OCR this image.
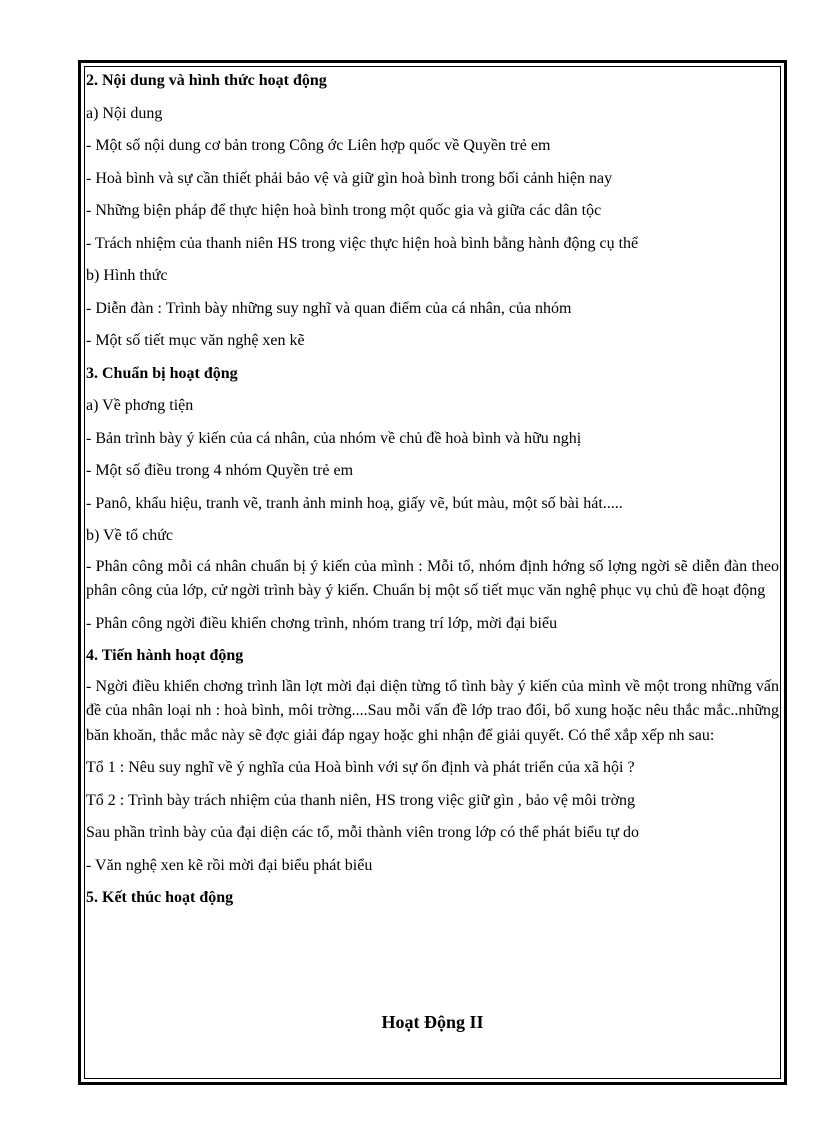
2. Nội dung và hình thức hoạt động

a) Nội dung

- Một số nội dung cơ bản trong Công ớc Liên hợp quốc về Quyền trẻ em

- Hoà bình và sự cần thiết phải bảo vệ và giữ gìn hoà bình trong bối cảnh hiện nay

- Những biện pháp để thực hiện hoà bình trong một quốc gia và giữa các dân tộc

- Trách nhiệm của thanh niên HS trong việc thực hiện hoà bình bằng hành động cụ thể

b) Hình thức

- Diễn đàn : Trình bày những suy nghĩ và quan điểm của cá nhân, của nhóm

- Một số tiết mục văn nghệ xen kẽ

3. Chuẩn bị hoạt động

a) Về phơng tiện

- Bản trình bày ý kiến của cá nhân, của nhóm về chủ đề hoà bình và hữu nghị

- Một số điều trong 4 nhóm Quyền trẻ em

- Panô, khẩu hiệu, tranh vẽ, tranh ảnh minh hoạ, giấy vẽ, bút màu, một số bài hát.....

b) Về tổ chức

- Phân công mỗi cá nhân chuẩn bị ý kiến của mình : Mỗi tổ, nhóm định hớng số lợng ngời sẽ diễn đàn theo phân công của lớp, cử ngời trình bày ý kiến. Chuẩn bị một số tiết mục văn nghệ phục vụ chủ đề hoạt động

- Phân công ngời điều khiển chơng trình, nhóm trang trí lớp, mời đại biểu

4. Tiến hành hoạt động

- Ngời điều khiển chơng trình lần lợt mời đại diện từng tổ tình bày ý kiến của mình về một trong những vấn đề của nhân loại nh : hoà bình, môi trờng....Sau mỗi vấn đề lớp trao đổi, bổ xung hoặc nêu thắc mắc..những băn khoăn, thắc mắc này sẽ đợc giải đáp ngay hoặc ghi nhận để giải quyết. Có thể xắp xếp nh sau:

Tổ 1 : Nêu suy nghĩ về ý nghĩa của Hoà bình với sự ổn định và phát triển của xã hội ?

Tổ 2 : Trình bày trách nhiệm của thanh niên, HS trong việc giữ gìn , bảo vệ môi trờng

Sau phần trình bày của đại diện các tổ, mỗi thành viên trong lớp có thể phát biểu tự do

- Văn nghệ xen kẽ rồi mời đại biểu phát biểu

5. Kết thúc hoạt động

Hoạt Động II
